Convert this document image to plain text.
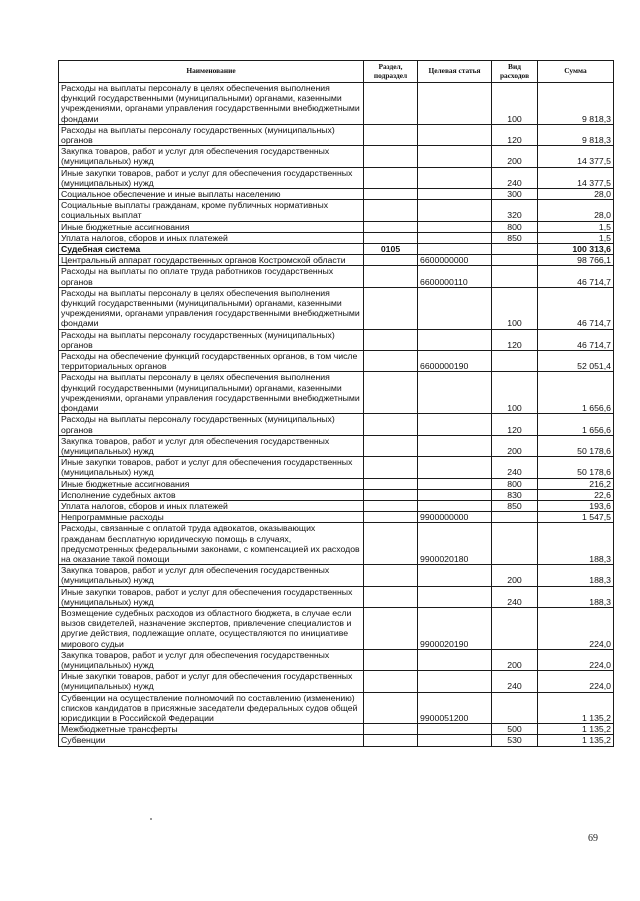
Наименование	Раздел, подраздел	Целевая статья	Вид расходов	Сумма
Расходы на выплаты персоналу в целях обеспечения выполнения функций государственными (муниципальными) органами, казенными учреждениями, органами управления государственными внебюджетными фондами			100	9 818,3
Расходы на выплаты персоналу государственных (муниципальных) органов			120	9 818,3
Закупка товаров, работ и услуг для обеспечения государственных (муниципальных) нужд			200	14 377,5
Иные закупки товаров, работ и услуг для обеспечения государственных (муниципальных) нужд			240	14 377,5
Социальное обеспечение и иные выплаты населению			300	28,0
Социальные выплаты гражданам, кроме публичных нормативных социальных выплат			320	28,0
Иные бюджетные ассигнования			800	1,5
Уплата налогов, сборов и иных платежей			850	1,5
Судебная система	0105			100 313,6
Центральный аппарат государственных органов Костромской области		6600000000		98 766,1
Расходы на выплаты по оплате труда работников государственных органов		6600000110		46 714,7
Расходы на выплаты персоналу в целях обеспечения выполнения функций государственными (муниципальными) органами, казенными учреждениями, органами управления государственными внебюджетными фондами			100	46 714,7
Расходы на выплаты персоналу государственных (муниципальных) органов			120	46 714,7
Расходы на обеспечение функций государственных органов, в том числе территориальных органов		6600000190		52 051,4
Расходы на выплаты персоналу в целях обеспечения выполнения функций государственными (муниципальными) органами, казенными учреждениями, органами управления государственными внебюджетными фондами			100	1 656,6
Расходы на выплаты персоналу государственных (муниципальных) органов			120	1 656,6
Закупка товаров, работ и услуг для обеспечения государственных (муниципальных) нужд			200	50 178,6
Иные закупки товаров, работ и услуг для обеспечения государственных (муниципальных) нужд			240	50 178,6
Иные бюджетные ассигнования			800	216,2
Исполнение судебных актов			830	22,6
Уплата налогов, сборов и иных платежей			850	193,6
Непрограммные расходы		9900000000		1 547,5
Расходы, связанные с оплатой труда адвокатов, оказывающих гражданам бесплатную юридическую помощь в случаях, предусмотренных федеральными законами, с компенсацией их расходов на оказание такой помощи		9900020180		188,3
Закупка товаров, работ и услуг для обеспечения государственных (муниципальных) нужд			200	188,3
Иные закупки товаров, работ и услуг для обеспечения государственных (муниципальных) нужд			240	188,3
Возмещение судебных расходов из областного бюджета, в случае если вызов свидетелей, назначение экспертов, привлечение специалистов и другие действия, подлежащие оплате, осуществляются по инициативе мирового судьи		9900020190		224,0
Закупка товаров, работ и услуг для обеспечения государственных (муниципальных) нужд			200	224,0
Иные закупки товаров, работ и услуг для обеспечения государственных (муниципальных) нужд			240	224,0
Субвенции на осуществление полномочий по составлению (изменению) списков кандидатов в присяжные заседатели федеральных судов общей юрисдикции в Российской Федерации		9900051200		1 135,2
Межбюджетные трансферты			500	1 135,2
Субвенции			530	1 135,2
69
